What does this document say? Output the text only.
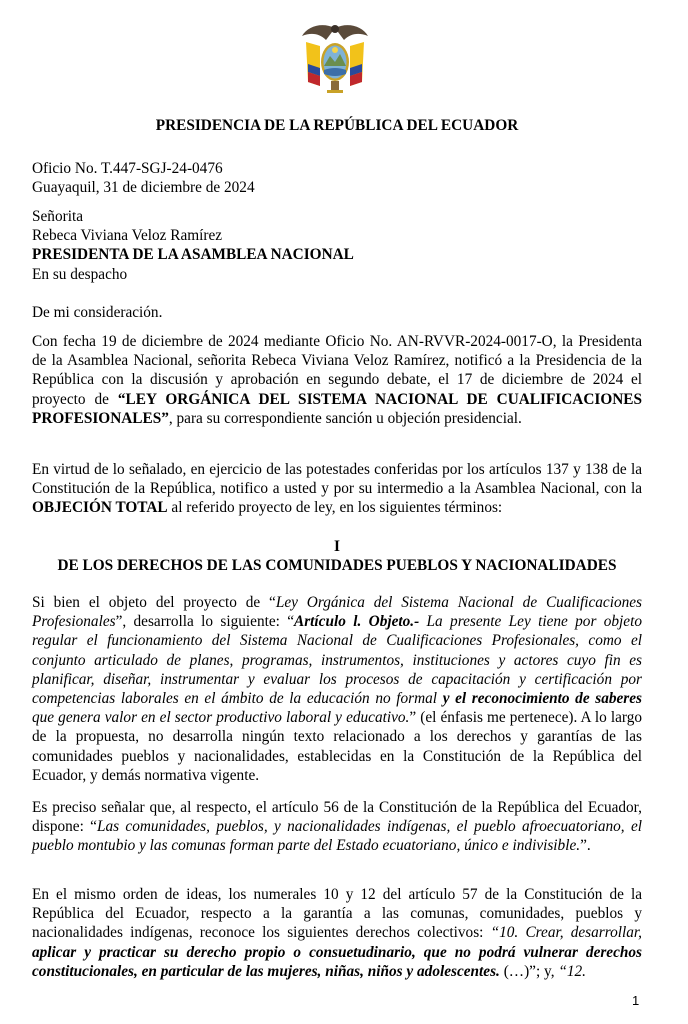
PRESIDENCIA DE LA REPÚBLICA DEL ECUADOR
Oficio No. T.447-SGJ-24-0476
Guayaquil, 31 de diciembre de 2024
Señorita
Rebeca Viviana Veloz Ramírez
PRESIDENTA DE LA ASAMBLEA NACIONAL
En su despacho
De mi consideración.
Con fecha 19 de diciembre de 2024 mediante Oficio No. AN-RVVR-2024-0017-O, la Presidenta de la Asamblea Nacional, señorita Rebeca Viviana Veloz Ramírez, notificó a la Presidencia de la República con la discusión y aprobación en segundo debate, el 17 de diciembre de 2024 el proyecto de “LEY ORGÁNICA DEL SISTEMA NACIONAL DE CUALIFICACIONES PROFESIONALES”, para su correspondiente sanción u objeción presidencial.
En virtud de lo señalado, en ejercicio de las potestades conferidas por los artículos 137 y 138 de la Constitución de la República, notifico a usted y por su intermedio a la Asamblea Nacional, con la OBJECIÓN TOTAL al referido proyecto de ley, en los siguientes términos:
I
DE LOS DERECHOS DE LAS COMUNIDADES PUEBLOS Y NACIONALIDADES
Si bien el objeto del proyecto de “Ley Orgánica del Sistema Nacional de Cualificaciones Profesionales”, desarrolla lo siguiente: “Artículo l. Objeto.- La presente Ley tiene por objeto regular el funcionamiento del Sistema Nacional de Cualificaciones Profesionales, como el conjunto articulado de planes, programas, instrumentos, instituciones y actores cuyo fin es planificar, diseñar, instrumentar y evaluar los procesos de capacitación y certificación por competencias laborales en el ámbito de la educación no formal y el reconocimiento de saberes que genera valor en el sector productivo laboral y educativo.” (el énfasis me pertenece). A lo largo de la propuesta, no desarrolla ningún texto relacionado a los derechos y garantías de las comunidades pueblos y nacionalidades, establecidas en la Constitución de la República del Ecuador, y demás normativa vigente.
Es preciso señalar que, al respecto, el artículo 56 de la Constitución de la República del Ecuador, dispone: “Las comunidades, pueblos, y nacionalidades indígenas, el pueblo afroecuatoriano, el pueblo montubio y las comunas forman parte del Estado ecuatoriano, único e indivisible.”.
En el mismo orden de ideas, los numerales 10 y 12 del artículo 57 de la Constitución de la República del Ecuador, respecto a la garantía a las comunas, comunidades, pueblos y nacionalidades indígenas, reconoce los siguientes derechos colectivos: “10. Crear, desarrollar, aplicar y practicar su derecho propio o consuetudinario, que no podrá vulnerar derechos constitucionales, en particular de las mujeres, niñas, niños y adolescentes. (…)”; y, “12.
1
